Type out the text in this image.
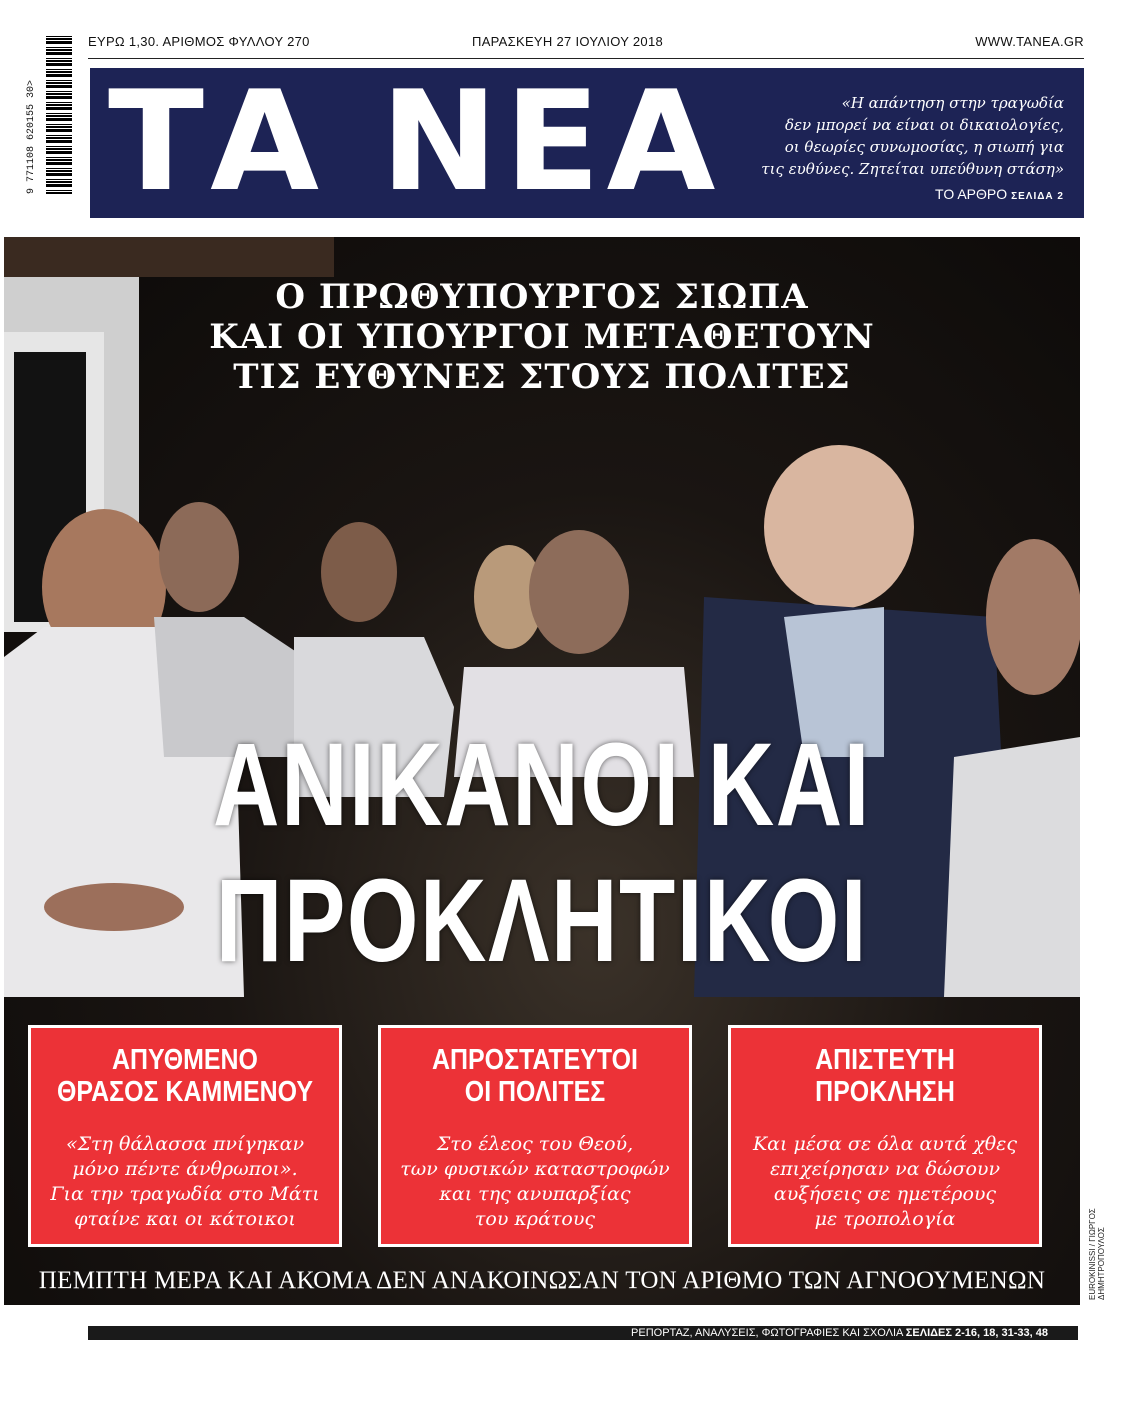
ΕΥΡΩ 1,30. ΑΡΙΘΜΟΣ ΦΥΛΛΟΥ 270	ΠΑΡΑΣΚΕΥΗ 27 ΙΟΥΛΙΟΥ 2018	WWW.TANEA.GR
9 771108 620155 30> ΤΑ ΝΕΑ	«Η απάντηση στην τραγωδία
δεν μπορεί να είναι οι δικαιολογίες,
οι θεωρίες συνωμοσίας, η σιωπή για
τις ευθύνες. Ζητείται υπεύθυνη στάση»
ΤΟ ΑΡΘΡΟ ΣΕΛΙΔΑ 2
Ο ΠΡΩΘΥΠΟΥΡΓΟΣ ΣΙΩΠΑ
ΚΑΙ ΟΙ ΥΠΟΥΡΓΟΙ ΜΕΤΑΘΕΤΟΥΝ
ΤΙΣ ΕΥΘΥΝΕΣ ΣΤΟΥΣ ΠΟΛΙΤΕΣ
ΑΝΙΚΑΝΟΙ ΚΑΙ
ΠΡΟΚΛΗΤΙΚΟΙ
ΑΠΥΘΜΕΝΟ
ΘΡΑΣΟΣ ΚΑΜΜΕΝΟΥ
«Στη θάλασσα πνίγηκαν
μόνο πέντε άνθρωποι».
Για την τραγωδία στο Μάτι
φταίνε και οι κάτοικοι
ΑΠΡΟΣΤΑΤΕΥΤΟΙ
ΟΙ ΠΟΛΙΤΕΣ
Στο έλεος του Θεού,
των φυσικών καταστροφών
και της ανυπαρξίας
του κράτους
ΑΠΙΣΤΕΥΤΗ
ΠΡΟΚΛΗΣΗ
Και μέσα σε όλα αυτά χθες
επιχείρησαν να δώσουν
αυξήσεις σε ημετέρους
με τροπολογία
ΠΕΜΠΤΗ ΜΕΡΑ ΚΑΙ ΑΚΟΜΑ ΔΕΝ ΑΝΑΚΟΙΝΩΣΑΝ ΤΟΝ ΑΡΙΘΜΟ ΤΩΝ ΑΓΝΟΟΥΜΕΝΩΝ	EUROKINISSI / ΓΙΩΡΓΟΣ ΔΗΜΗΤΡΟΠΟΥΛΟΣ
ΡΕΠΟΡΤΑΖ, ΑΝΑΛΥΣΕΙΣ, ΦΩΤΟΓΡΑΦΙΕΣ ΚΑΙ ΣΧΟΛΙΑ ΣΕΛΙΔΕΣ 2-16, 18, 31-33, 48
